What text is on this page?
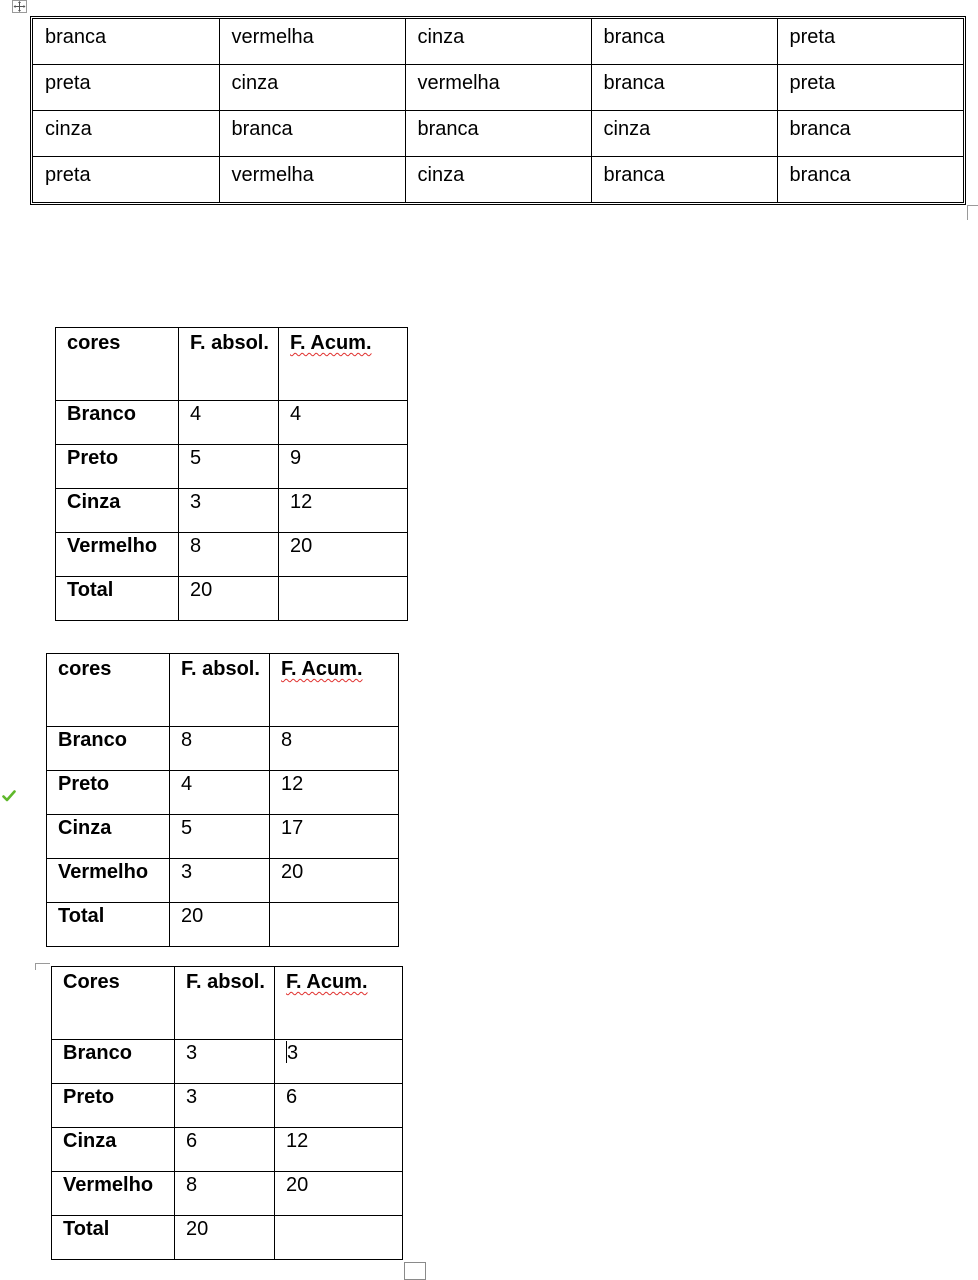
branca	vermelha	cinza	branca	preta
preta	cinza	vermelha	branca	preta
cinza	branca	branca	cinza	branca
preta	vermelha	cinza	branca	branca
cores	F. absol.	F. Acum.
Branco	4	4
Preto	5	9
Cinza	3	12
Vermelho	8	20
Total	20	
cores	F. absol.	F. Acum.
Branco	8	8
Preto	4	12
Cinza	5	17
Vermelho	3	20
Total	20	
Cores	F. absol.	F. Acum.
Branco	3	3
Preto	3	6
Cinza	6	12
Vermelho	8	20
Total	20	
